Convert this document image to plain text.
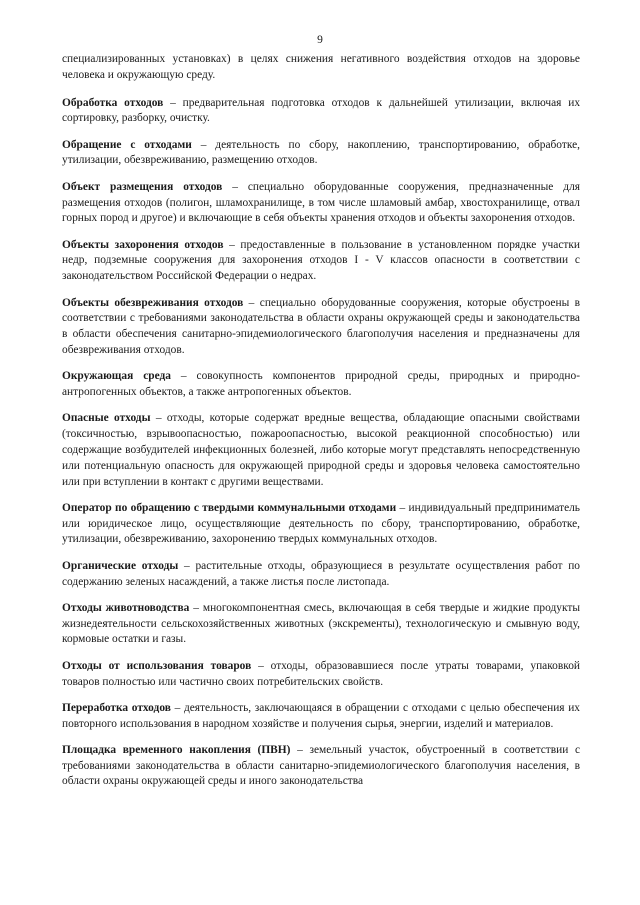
9

специализированных установках) в целях снижения негативного воздействия отходов на здоровье человека и окружающую среду.

Обработка отходов – предварительная подготовка отходов к дальнейшей утилизации, включая их сортировку, разборку, очистку.

Обращение с отходами – деятельность по сбору, накоплению, транспортированию, обработке, утилизации, обезвреживанию, размещению отходов.

Объект размещения отходов – специально оборудованные сооружения, предназначенные для размещения отходов (полигон, шламохранилище, в том числе шламовый амбар, хвостохранилище, отвал горных пород и другое) и включающие в себя объекты хранения отходов и объекты захоронения отходов.

Объекты захоронения отходов – предоставленные в пользование в установленном порядке участки недр, подземные сооружения для захоронения отходов I - V классов опасности в соответствии с законодательством Российской Федерации о недрах.

Объекты обезвреживания отходов – специально оборудованные сооружения, которые обустроены в соответствии с требованиями законодательства в области охраны окружающей среды и законодательства в области обеспечения санитарно-эпидемиологического благополучия населения и предназначены для обезвреживания отходов.

Окружающая среда – совокупность компонентов природной среды, природных и природно-антропогенных объектов, а также антропогенных объектов.

Опасные отходы – отходы, которые содержат вредные вещества, обладающие опасными свойствами (токсичностью, взрывоопасностью, пожароопасностью, высокой реакционной способностью) или содержащие возбудителей инфекционных болезней, либо которые могут представлять непосредственную или потенциальную опасность для окружающей природной среды и здоровья человека самостоятельно или при вступлении в контакт с другими веществами.

Оператор по обращению с твердыми коммунальными отходами – индивидуальный предприниматель или юридическое лицо, осуществляющие деятельность по сбору, транспортированию, обработке, утилизации, обезвреживанию, захоронению твердых коммунальных отходов.

Органические отходы – растительные отходы, образующиеся в результате осуществления работ по содержанию зеленых насаждений, а также листья после листопада.

Отходы животноводства – многокомпонентная смесь, включающая в себя твердые и жидкие продукты жизнедеятельности сельскохозяйственных животных (экскременты), технологическую и смывную воду, кормовые остатки и газы.

Отходы от использования товаров – отходы, образовавшиеся после утраты товарами, упаковкой товаров полностью или частично своих потребительских свойств.

Переработка отходов – деятельность, заключающаяся в обращении с отходами с целью обеспечения их повторного использования в народном хозяйстве и получения сырья, энергии, изделий и материалов.

Площадка временного накопления (ПВН) – земельный участок, обустроенный в соответствии с требованиями законодательства в области санитарно-эпидемиологического благополучия населения, в области охраны окружающей среды и иного законодательства
